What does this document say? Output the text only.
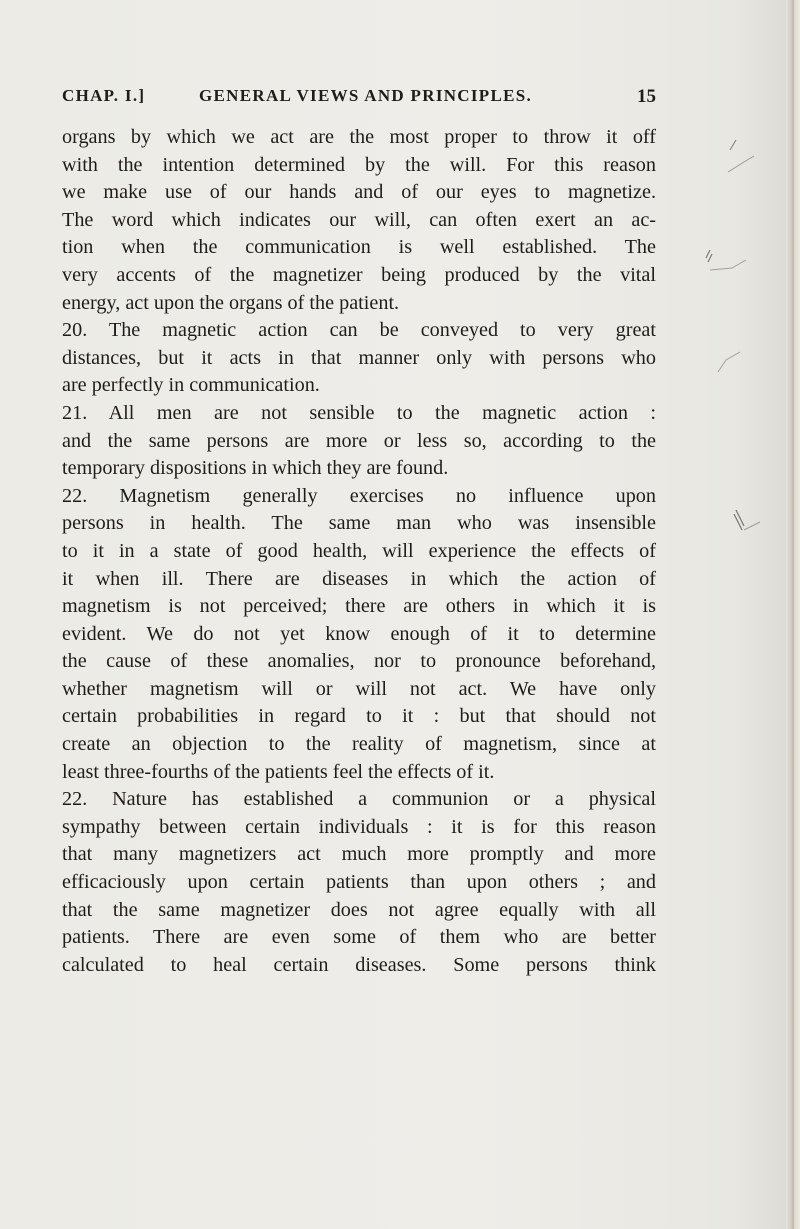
CHAP. I.]	GENERAL VIEWS AND PRINCIPLES.	15
organs by which we act are the most proper to throw it off
with the intention determined by the will. For this reason
we make use of our hands and of our eyes to magnetize.
The word which indicates our will, can often exert an ac-
tion when the communication is well established. The
very accents of the magnetizer being produced by the vital
energy, act upon the organs of the patient.
20. The magnetic action can be conveyed to very great
distances, but it acts in that manner only with persons who
are perfectly in communication.
21. All men are not sensible to the magnetic action :
and the same persons are more or less so, according to the
temporary dispositions in which they are found.
22. Magnetism generally exercises no influence upon
persons in health. The same man who was insensible
to it in a state of good health, will experience the effects of
it when ill. There are diseases in which the action of
magnetism is not perceived; there are others in which it is
evident. We do not yet know enough of it to determine
the cause of these anomalies, nor to pronounce beforehand,
whether magnetism will or will not act. We have only
certain probabilities in regard to it : but that should not
create an objection to the reality of magnetism, since at
least three-fourths of the patients feel the effects of it.
22. Nature has established a communion or a physical
sympathy between certain individuals : it is for this reason
that many magnetizers act much more promptly and more
efficaciously upon certain patients than upon others ; and
that the same magnetizer does not agree equally with all
patients. There are even some of them who are better
calculated to heal certain diseases. Some persons think
